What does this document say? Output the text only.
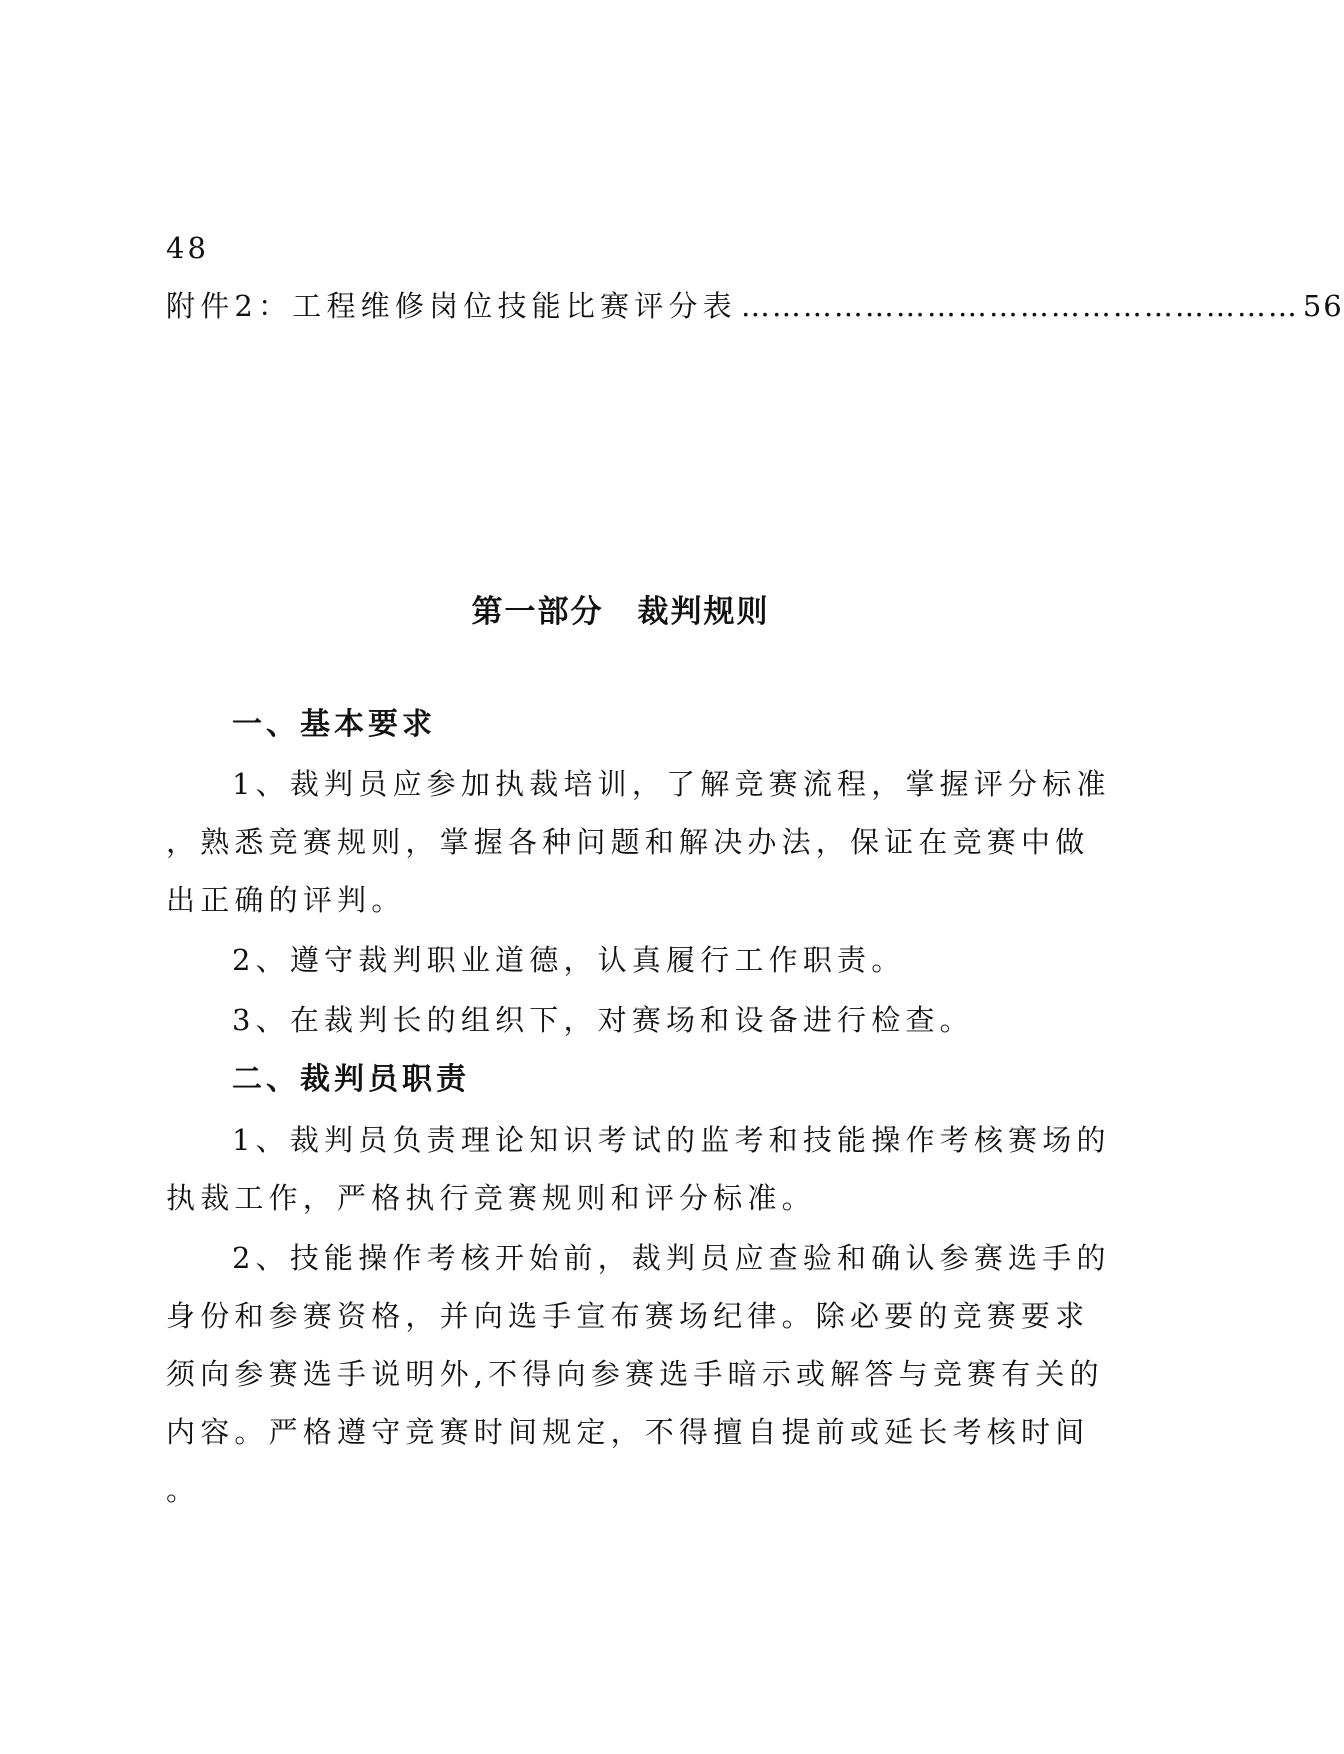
48
附件2：工程维修岗位技能比赛评分表 ……………………………………………… 56
第一部分 裁判规则
一、基本要求
1、裁判员应参加执裁培训，了解竞赛流程，掌握评分标准
，熟悉竞赛规则，掌握各种问题和解决办法，保证在竞赛中做
出正确的评判。
2、遵守裁判职业道德，认真履行工作职责。
3、在裁判长的组织下，对赛场和设备进行检查。
二、裁判员职责
1、裁判员负责理论知识考试的监考和技能操作考核赛场的
执裁工作，严格执行竞赛规则和评分标准。
2、技能操作考核开始前，裁判员应查验和确认参赛选手的
身份和参赛资格，并向选手宣布赛场纪律。除必要的竞赛要求
须向参赛选手说明外,不得向参赛选手暗示或解答与竞赛有关的
内容。严格遵守竞赛时间规定，不得擅自提前或延长考核时间
。
